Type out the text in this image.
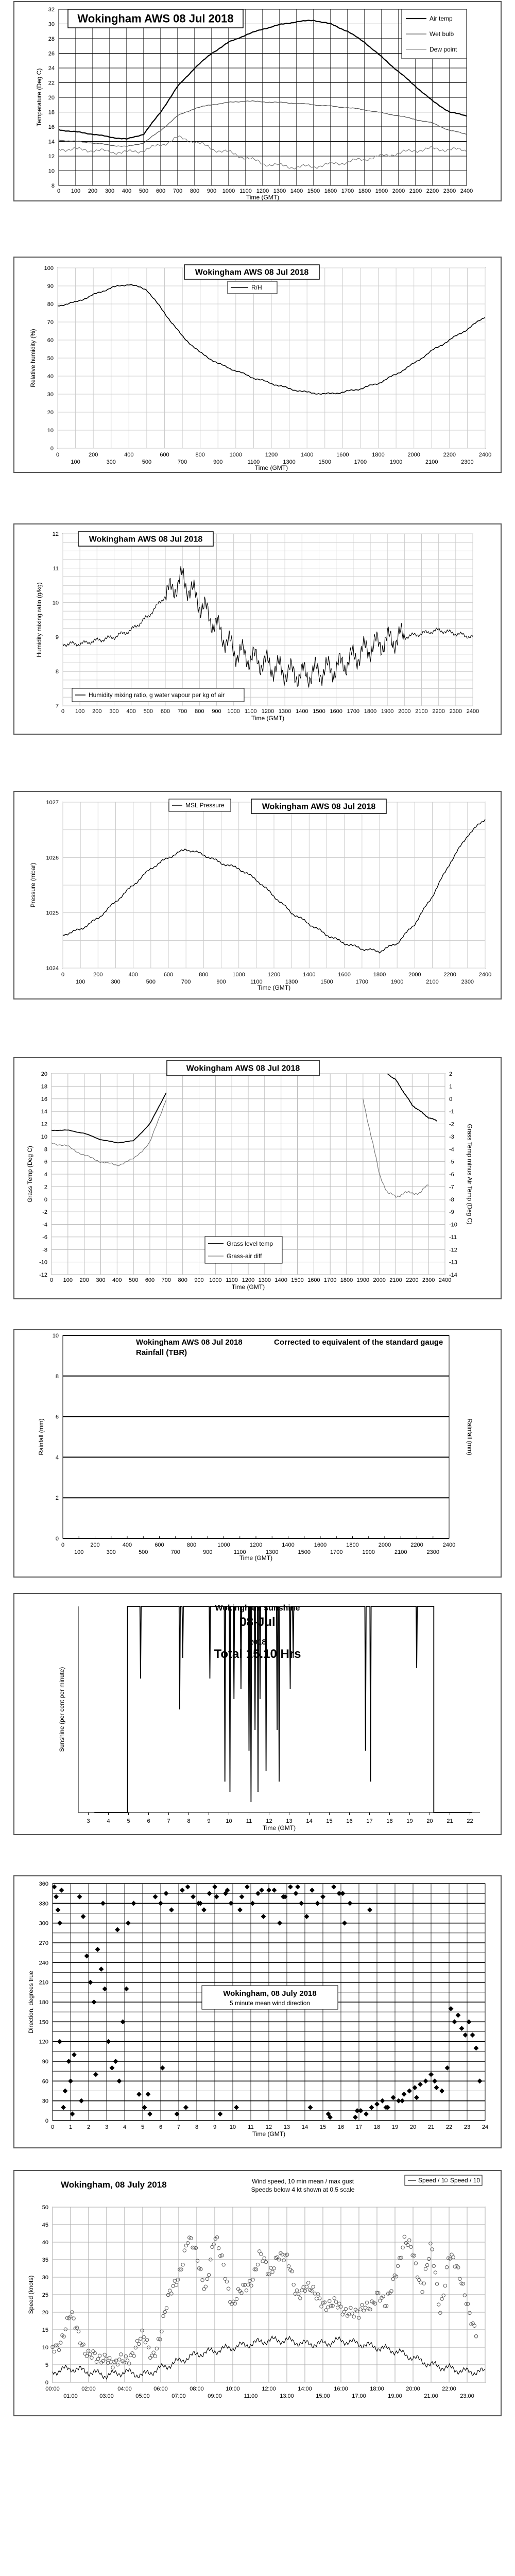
8
10
12
14
16
18
20
22
24
26
28
30
32
0 100 200 300 400 500 600 700 800 900 1000 1100 1200 1300 1400 1500 1600 1700 1800 1900 2000 2100 2200 2300 2400
Time (GMT)
Temperature (Deg C)
Wokingham AWS 08 Jul 2018	Air temp
Wet bulb
Dew point
0
10
20
30
40
50
60
70
80
90
100
0	200	400	600	800	1000	1200	1400	1600	1800	2000	2200	2400
100	300	500	700	900	1100	1300	1500	1700	1900	2100	2300
Time (GMT)
Relative humidity (%)
Wokingham AWS 08 Jul 2018
R/H
7
8
9
10
11
12
0 100 200 300 400 500 600 700 800 900 1000 1100 1200 1300 1400 1500 1600 1700 1800 1900 2000 2100 2200 2300 2400
Time (GMT)
Humidity mixing ratio (g/kg)
Wokingham AWS 08 Jul 2018
Humidity mixing ratio, g water vapour per kg of air
1024
1025
1026
1027
0	200	400	600	800	1000	1200	1400	1600	1800	2000	2200	2400
100	300	500	700	900	1100	1300	1500	1700	1900	2100	2300
Time (GMT)
Pressure (mbar)
MSL Pressure	Wokingham AWS 08 Jul 2018
-12
-10
-8
-6
-4
-2
0
2
4
6
8
10
12
14
16
18
20
-14
-13
-12
-11
-10
-9
-8
-7
-6
-5
-4
-3
-2
-1
0
1
2
0 100 200 300 400 500 600 700 800 900 1000 1100 1200 1300 1400 1500 1600 1700 1800 1900 2000 2100 2200 2300 2400
Time (GMT)
Grass Temp (Deg C)	Grass Temp minus Air Temp (Deg C)
Wokingham AWS 08 Jul 2018
Grass level temp
Grass-air diff
0
2
4
6
8
10
0	200	400	600	800	1000	1200	1400	1600	1800	2000	2200	2400
100	300	500	700	900	1100	1300	1500	1700	1900	2100	2300
Time (GMT)
Rainfall (mm)	Rainfall (mm)
Wokingham AWS 08 Jul 2018
Rainfall (TBR)
Corrected to equivalent of the standard gauge
3	4	5	6	7	8	9	10 11 12 13 14 15 16 17 18 19 20 21 22
Time (GMT)
Sunshine (per cent per minute)
Wokingham sunshine
08-Jul
2018
Total 15.10 Hrs
0
30
60
90
120
150
180
210
240
270
300
330
360
0	1	2	3	4	5	6	7	8	9 10 11 12 13 14 15 16 17 18 19 20 21 22 23 24
Time (GMT)
Direction, degrees true	Wokingham, 08 July 2018
5 minute mean wind direction
0
5
10
15
20
25
30
35
40
45
50
00:00	02:00	04:00	06:00	08:00	10:00	12:00	14:00	16:00	18:00	20:00	22:00
01:00	03:00	05:00	07:00	09:00	11:00	13:00	15:00	17:00	19:00	21:00	23:00
Speed (knots)
Wokingham, 08 July 2018	Wind speed, 10 min mean / max gust
Speeds below 4 kt shown at 0.5 scale
Speed / 1 Speed / 10
